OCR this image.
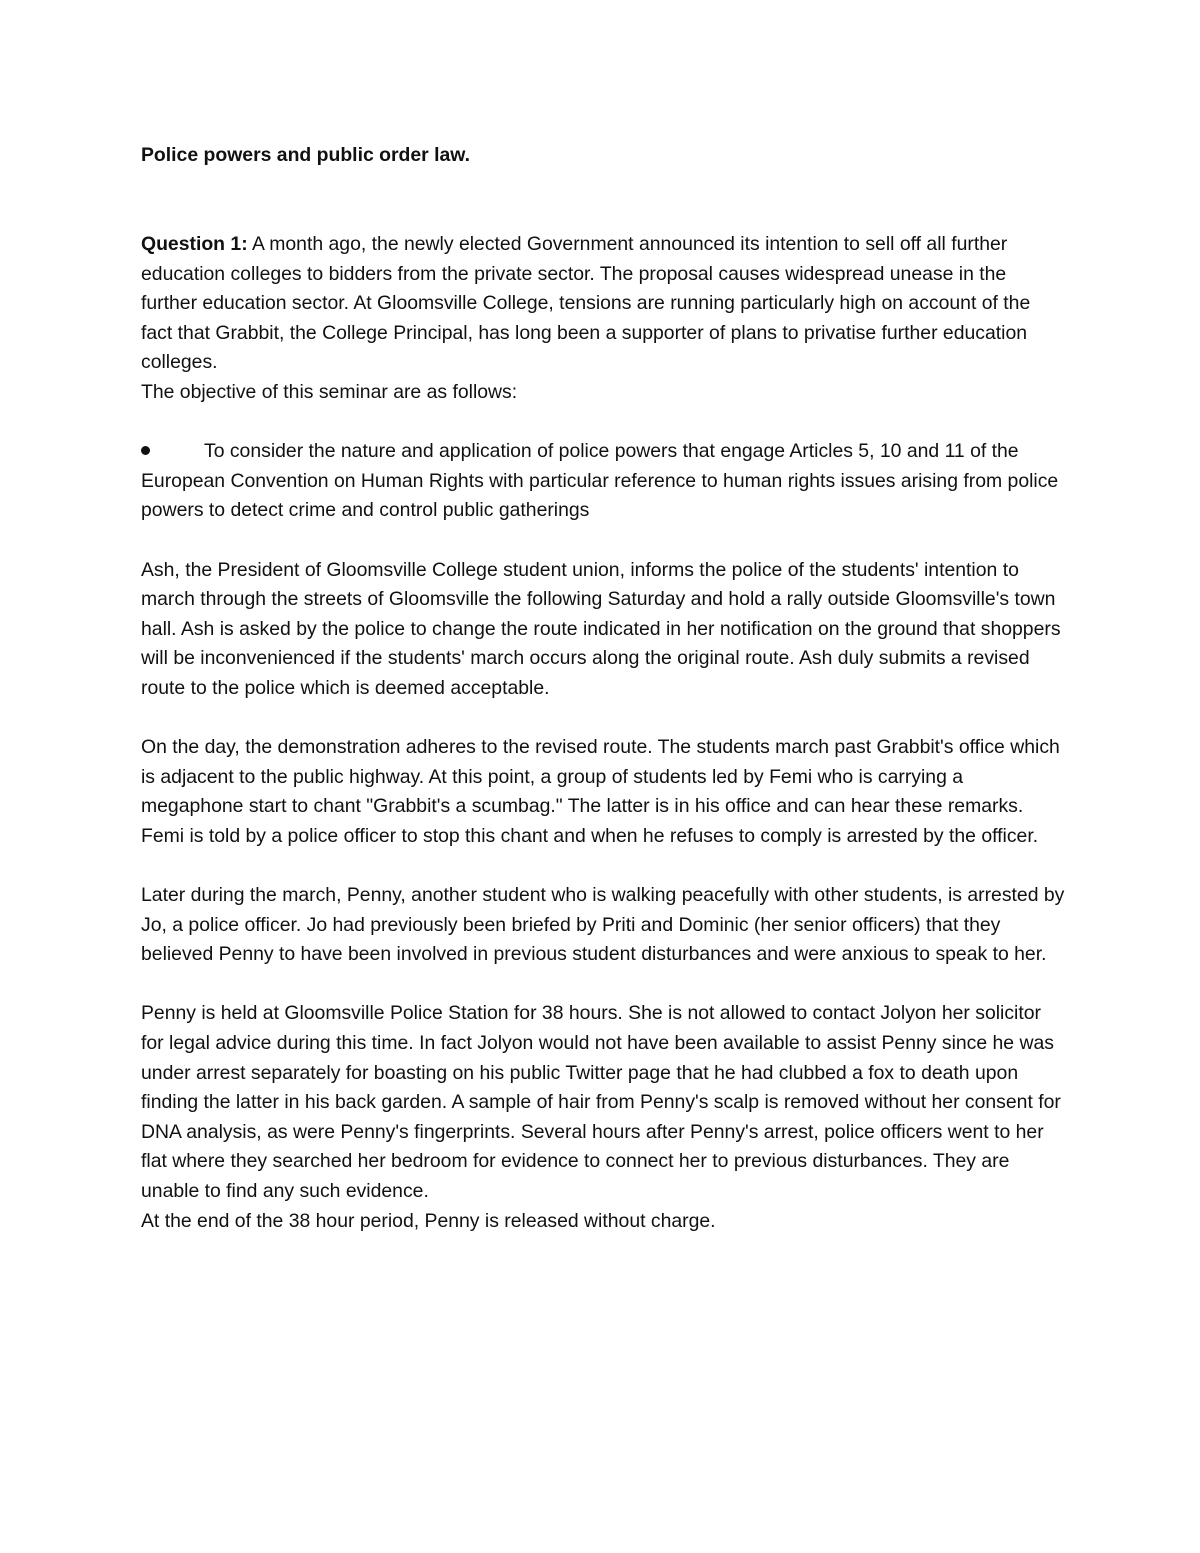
Police powers and public order law.

Question 1: A month ago, the newly elected Government announced its intention to sell off all further education colleges to bidders from the private sector. The proposal causes widespread unease in the further education sector. At Gloomsville College, tensions are running particularly high on account of the fact that Grabbit, the College Principal, has long been a supporter of plans to privatise further education colleges.

The objective of this seminar are as follows:

To consider the nature and application of police powers that engage Articles 5, 10 and 11 of the European Convention on Human Rights with particular reference to human rights issues arising from police powers to detect crime and control public gatherings

Ash, the President of Gloomsville College student union, informs the police of the students' intention to march through the streets of Gloomsville the following Saturday and hold a rally outside Gloomsville's town hall. Ash is asked by the police to change the route indicated in her notification on the ground that shoppers will be inconvenienced if the students' march occurs along the original route. Ash duly submits a revised route to the police which is deemed acceptable.

On the day, the demonstration adheres to the revised route. The students march past Grabbit's office which is adjacent to the public highway. At this point, a group of students led by Femi who is carrying a megaphone start to chant "Grabbit's a scumbag." The latter is in his office and can hear these remarks. Femi is told by a police officer to stop this chant and when he refuses to comply is arrested by the officer.

Later during the march, Penny, another student who is walking peacefully with other students, is arrested by Jo, a police officer. Jo had previously been briefed by Priti and Dominic (her senior officers) that they believed Penny to have been involved in previous student disturbances and were anxious to speak to her.

Penny is held at Gloomsville Police Station for 38 hours. She is not allowed to contact Jolyon her solicitor for legal advice during this time. In fact Jolyon would not have been available to assist Penny since he was under arrest separately for boasting on his public Twitter page that he had clubbed a fox to death upon finding the latter in his back garden. A sample of hair from Penny's scalp is removed without her consent for DNA analysis, as were Penny's fingerprints. Several hours after Penny's arrest, police officers went to her flat where they searched her bedroom for evidence to connect her to previous disturbances. They are unable to find any such evidence.

At the end of the 38 hour period, Penny is released without charge.
